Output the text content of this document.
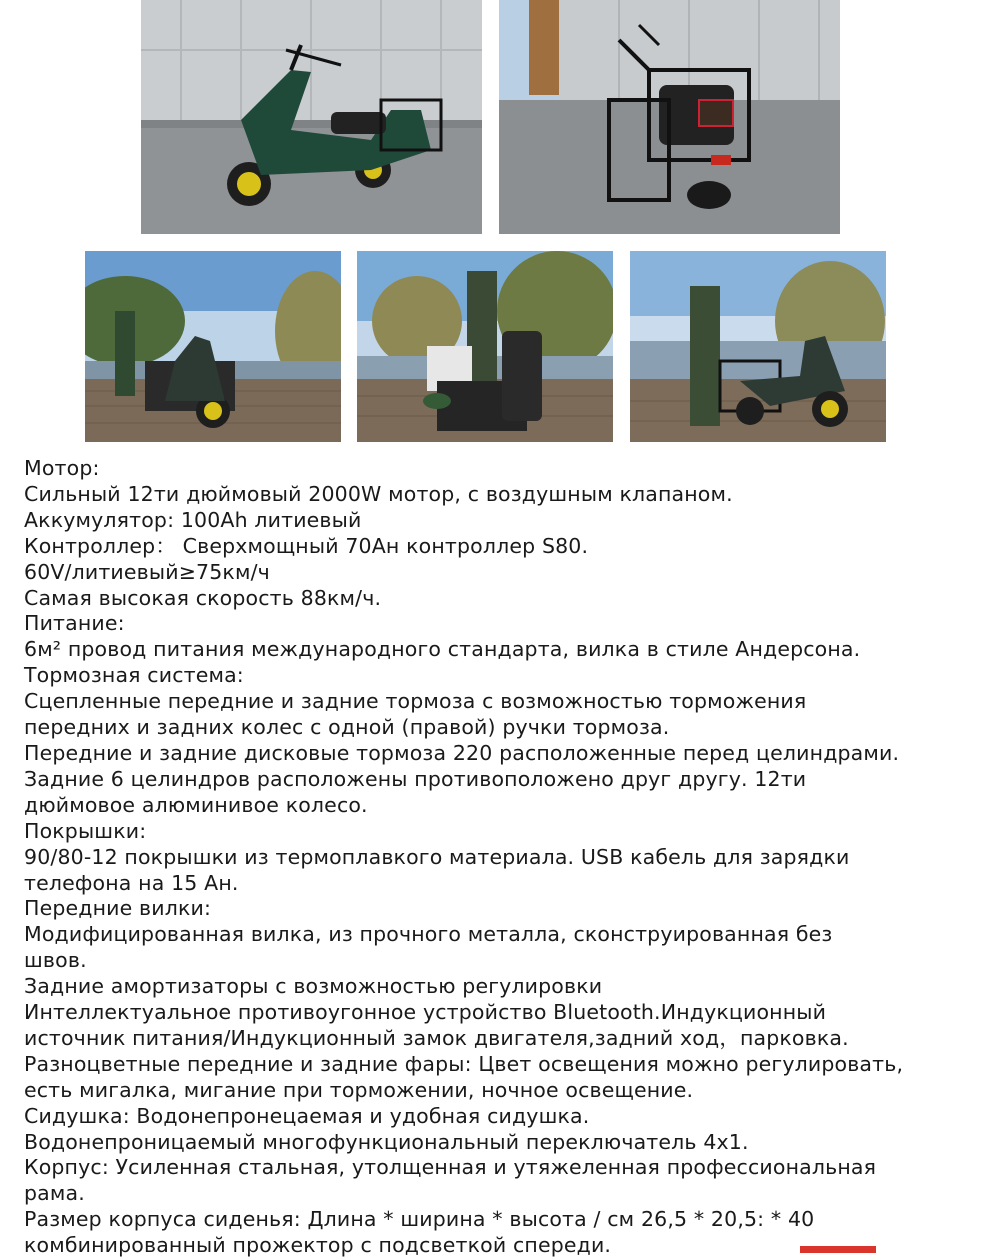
Мотор:
Сильный 12ти дюймовый 2000W мотор, с воздушным клапаном.
Аккумулятор: 100Ah литиевый
Контроллер： Сверхмощный 70Ан контроллер S80.
60V/литиевый≥75км/ч
Самая высокая скорость 88км/ч.
Питание:
6м² провод питания международного стандарта, вилка в стиле Андерсона.
Тормозная система:
Сцепленные передние и задние тормоза с возможностью торможения
передних и задних колес с одной (правой) ручки тормоза.
Передние и задние дисковые тормоза 220 расположенные перед целиндрами.
Задние 6 целиндров расположены противоположено друг другу. 12ти
дюймовое алюминивое колесо.
Покрышки:
90/80-12 покрышки из термоплавкого материала. USB кабель для зарядки
телефона на 15 Ан.
Передние вилки:
Модифицированная вилка, из прочного металла, сконструированная без
швов.
Задние амортизаторы с возможностью регулировки
Интеллектуальное противоугонное устройство Bluetooth.Индукционный
источник питания/Индукционный замок двигателя,задний ход，парковка.
Разноцветные передние и задние фары: Цвет освещения можно регулировать,
есть мигалка, мигание при торможении, ночное освещение.
Сидушка: Водонепронецаемая и удобная сидушка.
Водонепроницаемый многофункциональный переключатель 4x1.
Корпус: Усиленная стальная, утолщенная и утяжеленная профессиональная
рама.
Размер корпуса сиденья: Длина * ширина * высота / см 26,5 * 20,5: * 40
комбинированный прожектор с подсветкой спереди.
